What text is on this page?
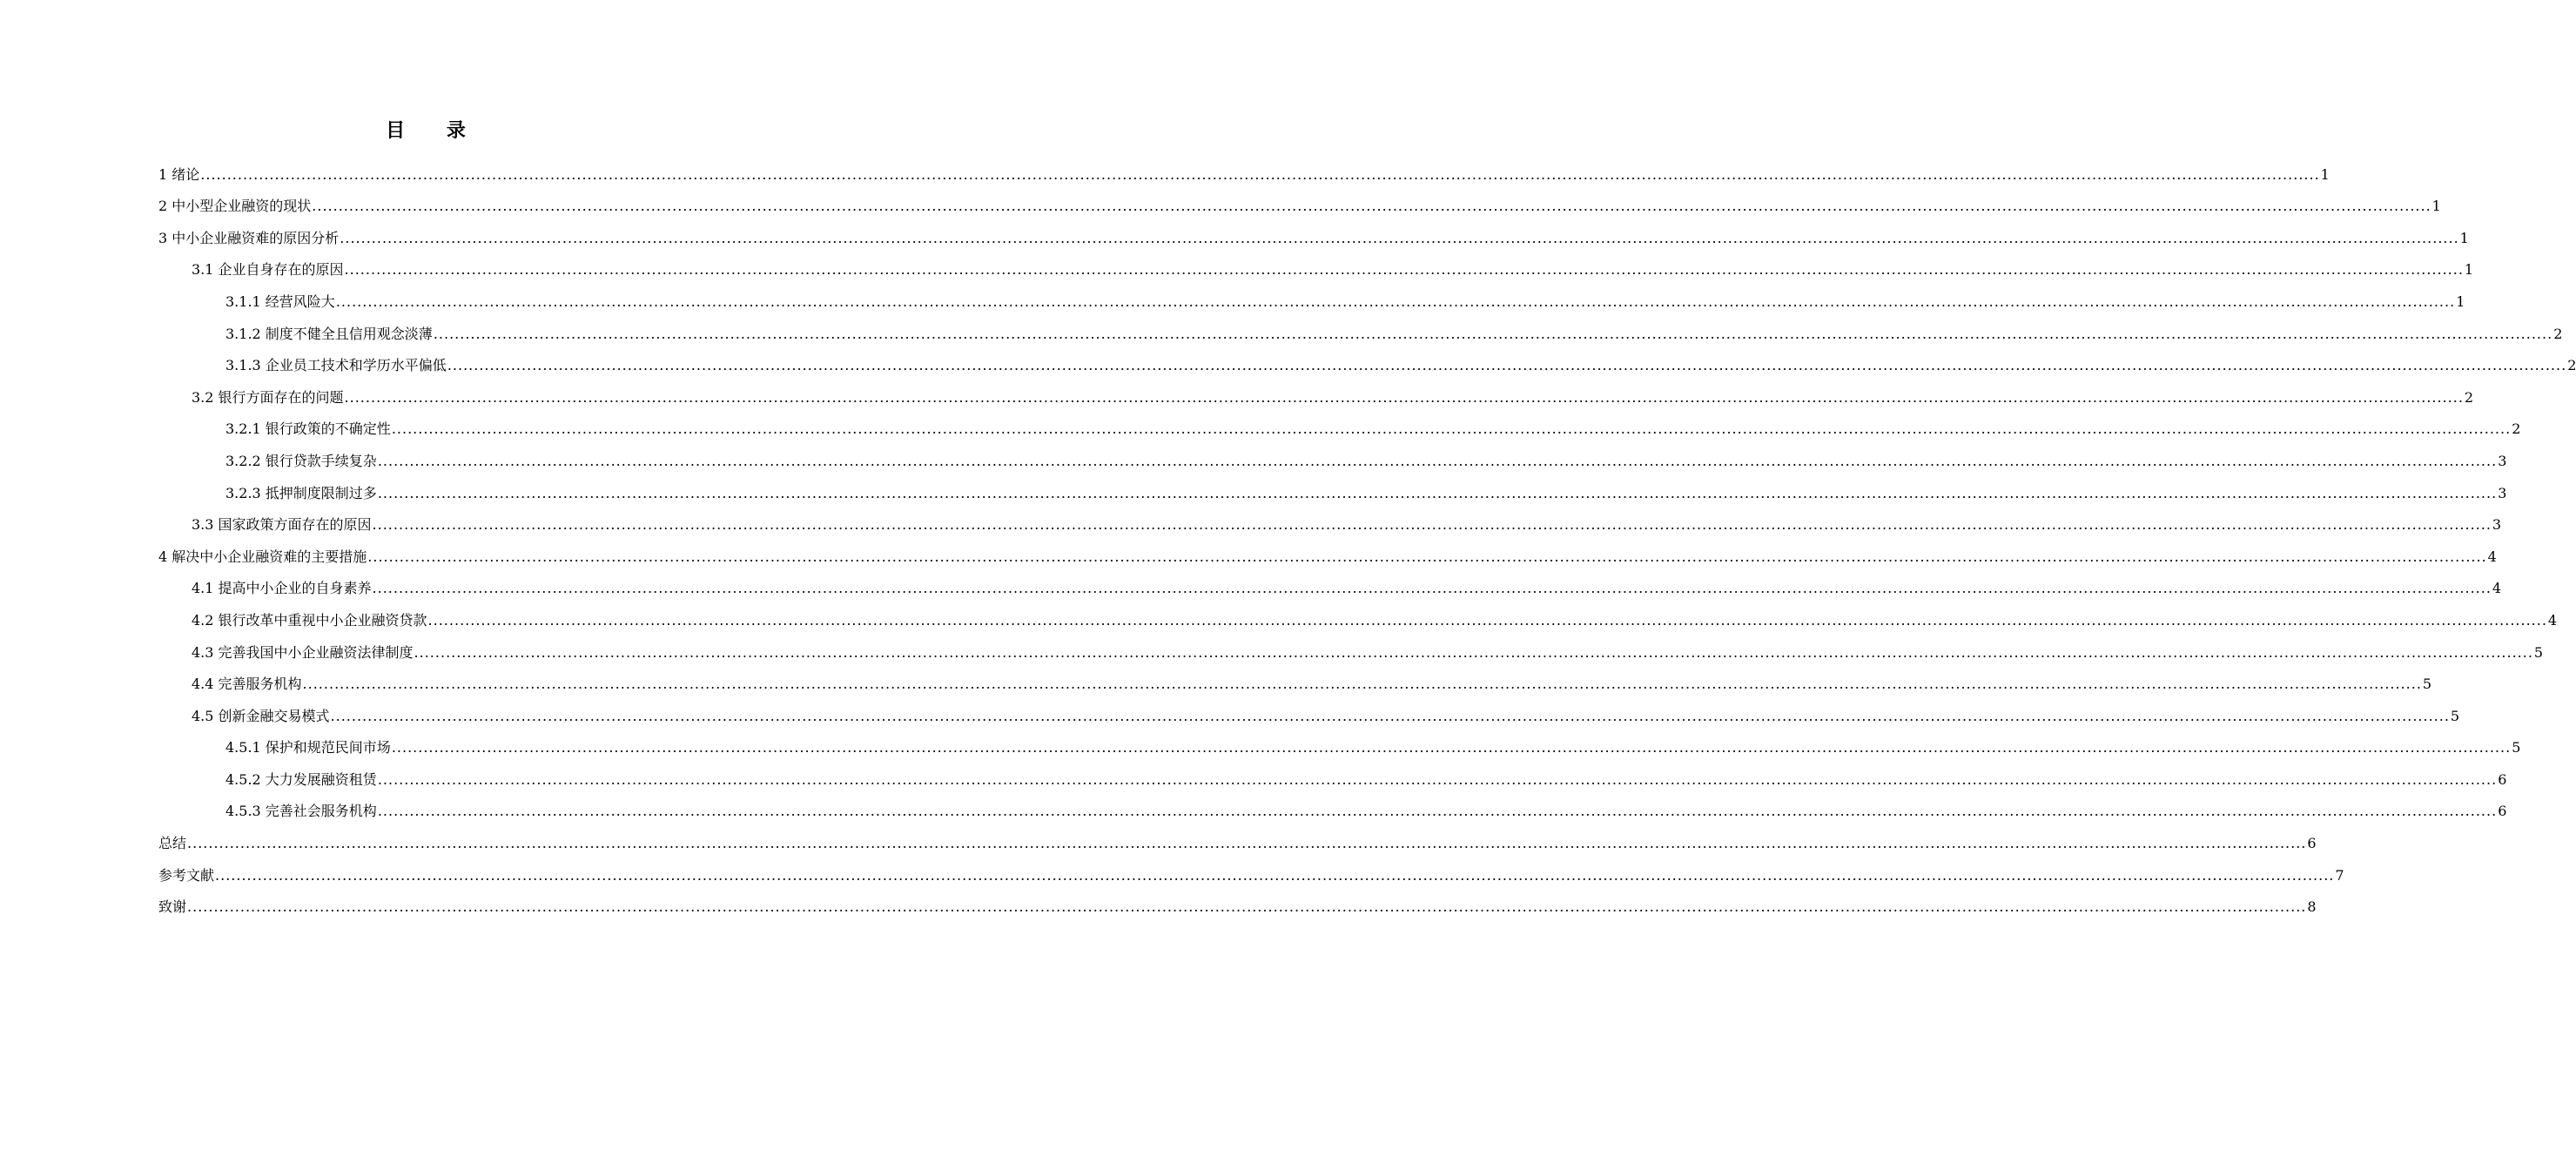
目 录
1 绪论 ................................................................................................................................................................................................................................................................................................................................................................................................................ 1
2 中小型企业融资的现状 ................................................................................................................................................................................................................................................................................................................................................................................................................ 1
3 中小企业融资难的原因分析 ................................................................................................................................................................................................................................................................................................................................................................................................................ 1
3.1 企业自身存在的原因 ................................................................................................................................................................................................................................................................................................................................................................................................................ 1
3.1.1 经营风险大 ................................................................................................................................................................................................................................................................................................................................................................................................................ 1
3.1.2 制度不健全且信用观念淡薄 ................................................................................................................................................................................................................................................................................................................................................................................................................ 2
3.1.3 企业员工技术和学历水平偏低 ................................................................................................................................................................................................................................................................................................................................................................................................................ 2
3.2 银行方面存在的问题 ................................................................................................................................................................................................................................................................................................................................................................................................................ 2
3.2.1 银行政策的不确定性 ................................................................................................................................................................................................................................................................................................................................................................................................................ 2
3.2.2 银行贷款手续复杂 ................................................................................................................................................................................................................................................................................................................................................................................................................ 3
3.2.3 抵押制度限制过多 ................................................................................................................................................................................................................................................................................................................................................................................................................ 3
3.3 国家政策方面存在的原因 ................................................................................................................................................................................................................................................................................................................................................................................................................ 3
4 解决中小企业融资难的主要措施 ................................................................................................................................................................................................................................................................................................................................................................................................................ 4
4.1 提高中小企业的自身素养 ................................................................................................................................................................................................................................................................................................................................................................................................................ 4
4.2 银行改革中重视中小企业融资贷款 ................................................................................................................................................................................................................................................................................................................................................................................................................ 4
4.3 完善我国中小企业融资法律制度 ................................................................................................................................................................................................................................................................................................................................................................................................................ 5
4.4 完善服务机构 ................................................................................................................................................................................................................................................................................................................................................................................................................ 5
4.5 创新金融交易模式 ................................................................................................................................................................................................................................................................................................................................................................................................................ 5
4.5.1 保护和规范民间市场 ................................................................................................................................................................................................................................................................................................................................................................................................................ 5
4.5.2 大力发展融资租赁 ................................................................................................................................................................................................................................................................................................................................................................................................................ 6
4.5.3 完善社会服务机构 ................................................................................................................................................................................................................................................................................................................................................................................................................ 6
总结 ................................................................................................................................................................................................................................................................................................................................................................................................................ 6
参考文献 ................................................................................................................................................................................................................................................................................................................................................................................................................ 7
致谢 ................................................................................................................................................................................................................................................................................................................................................................................................................ 8
